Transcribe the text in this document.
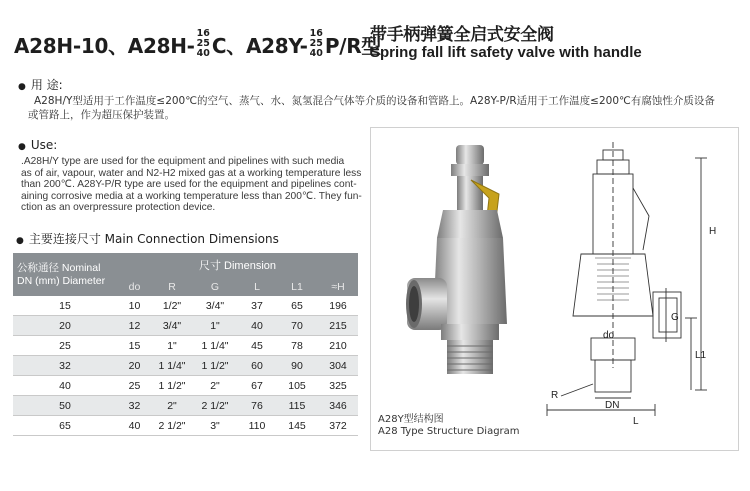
A28H-10、A28H- 16
25
40 C、A28Y- 16
25
40 P/R型
带手柄弹簧全启式安全阀
Spring fall lift safety valve with handle
● 用 途:
A28H/Y型适用于工作温度≤200℃的空气、蒸气、水、氮氢混合气体等介质的设备和管路上。A28Y-P/R适用于工作温度≤200℃有腐蚀性介质设备
或管路上，作为超压保护装置。
● Use:
.A28H/Y type are used for the equipment and pipelines with such media
as of air, vapour, water and N2-H2 mixed gas at a working temperature less
than 200℃. A28Y-P/R type are used for the equipment and pipelines cont-
aining corrosive media at a working temperature less than 200℃. They fun-
ction as an overpressure protection device.
● 主要连接尺寸 Main Connection Dimensions
公称通径 Nominal
DN (mm) Diameter	尺寸 Dimension					
	do	R	G	L	L1	≈H
15	10	1/2"	3/4"	37	65	196
20	12	3/4"	1"	40	70	215
25	15	1"	1 1/4"	45	78	210
32	20	1 1/4"	1 1/2"	60	90	304
40	25	1 1/2"	2"	67	105	325
50	32	2"	2 1/2"	76	115	346
65	40	2 1/2"	3"	110	145	372
H
G
L1
do
R
DN
L
A28Y型结构图
A28 Type Structure Diagram
